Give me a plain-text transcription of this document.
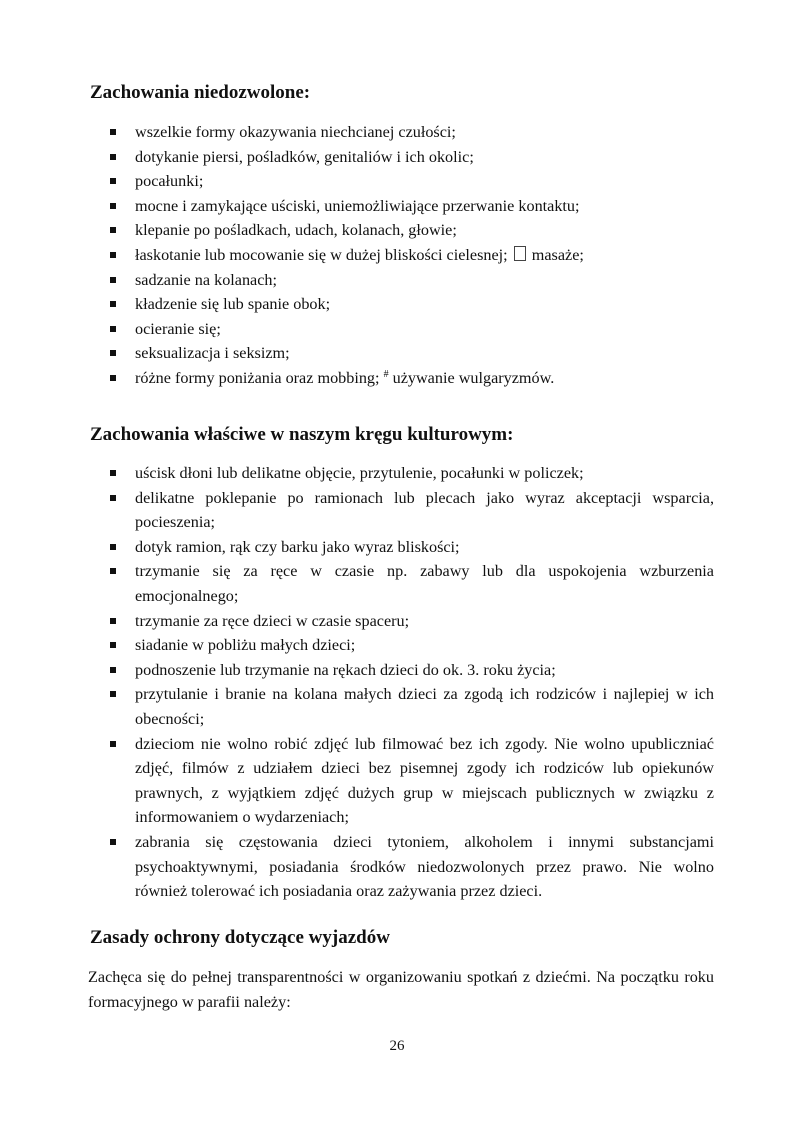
Zachowania niedozwolone:
wszelkie formy okazywania niechcianej czułości;
dotykanie piersi, pośladków, genitaliów i ich okolic;
pocałunki;
mocne i zamykające uściski, uniemożliwiające przerwanie kontaktu;
klepanie po pośladkach, udach, kolanach, głowie;
łaskotanie lub mocowanie się w dużej bliskości cielesnej; masaże;
sadzanie na kolanach;
kładzenie się lub spanie obok;
ocieranie się;
seksualizacja i seksizm;
różne formy poniżania oraz mobbing; # używanie wulgaryzmów.
Zachowania właściwe w naszym kręgu kulturowym:
uścisk dłoni lub delikatne objęcie, przytulenie, pocałunki w policzek;
delikatne poklepanie po ramionach lub plecach jako wyraz akceptacji wsparcia, pocieszenia;
dotyk ramion, rąk czy barku jako wyraz bliskości;
trzymanie się za ręce w czasie np. zabawy lub dla uspokojenia wzburzenia emocjonalnego;
trzymanie za ręce dzieci w czasie spaceru;
siadanie w pobliżu małych dzieci;
podnoszenie lub trzymanie na rękach dzieci do ok. 3. roku życia;
przytulanie i branie na kolana małych dzieci za zgodą ich rodziców i najlepiej w ich obecności;
dzieciom nie wolno robić zdjęć lub filmować bez ich zgody. Nie wolno upubliczniać zdjęć, filmów z udziałem dzieci bez pisemnej zgody ich rodziców lub opiekunów prawnych, z wyjątkiem zdjęć dużych grup w miejscach publicznych w związku z informowaniem o wydarzeniach;
zabrania się częstowania dzieci tytoniem, alkoholem i innymi substancjami psychoaktywnymi, posiadania środków niedozwolonych przez prawo. Nie wolno również tolerować ich posiadania oraz zażywania przez dzieci.
Zasady ochrony dotyczące wyjazdów

Zachęca się do pełnej transparentności w organizowaniu spotkań z dziećmi. Na początku roku formacyjnego w parafii należy:

26
